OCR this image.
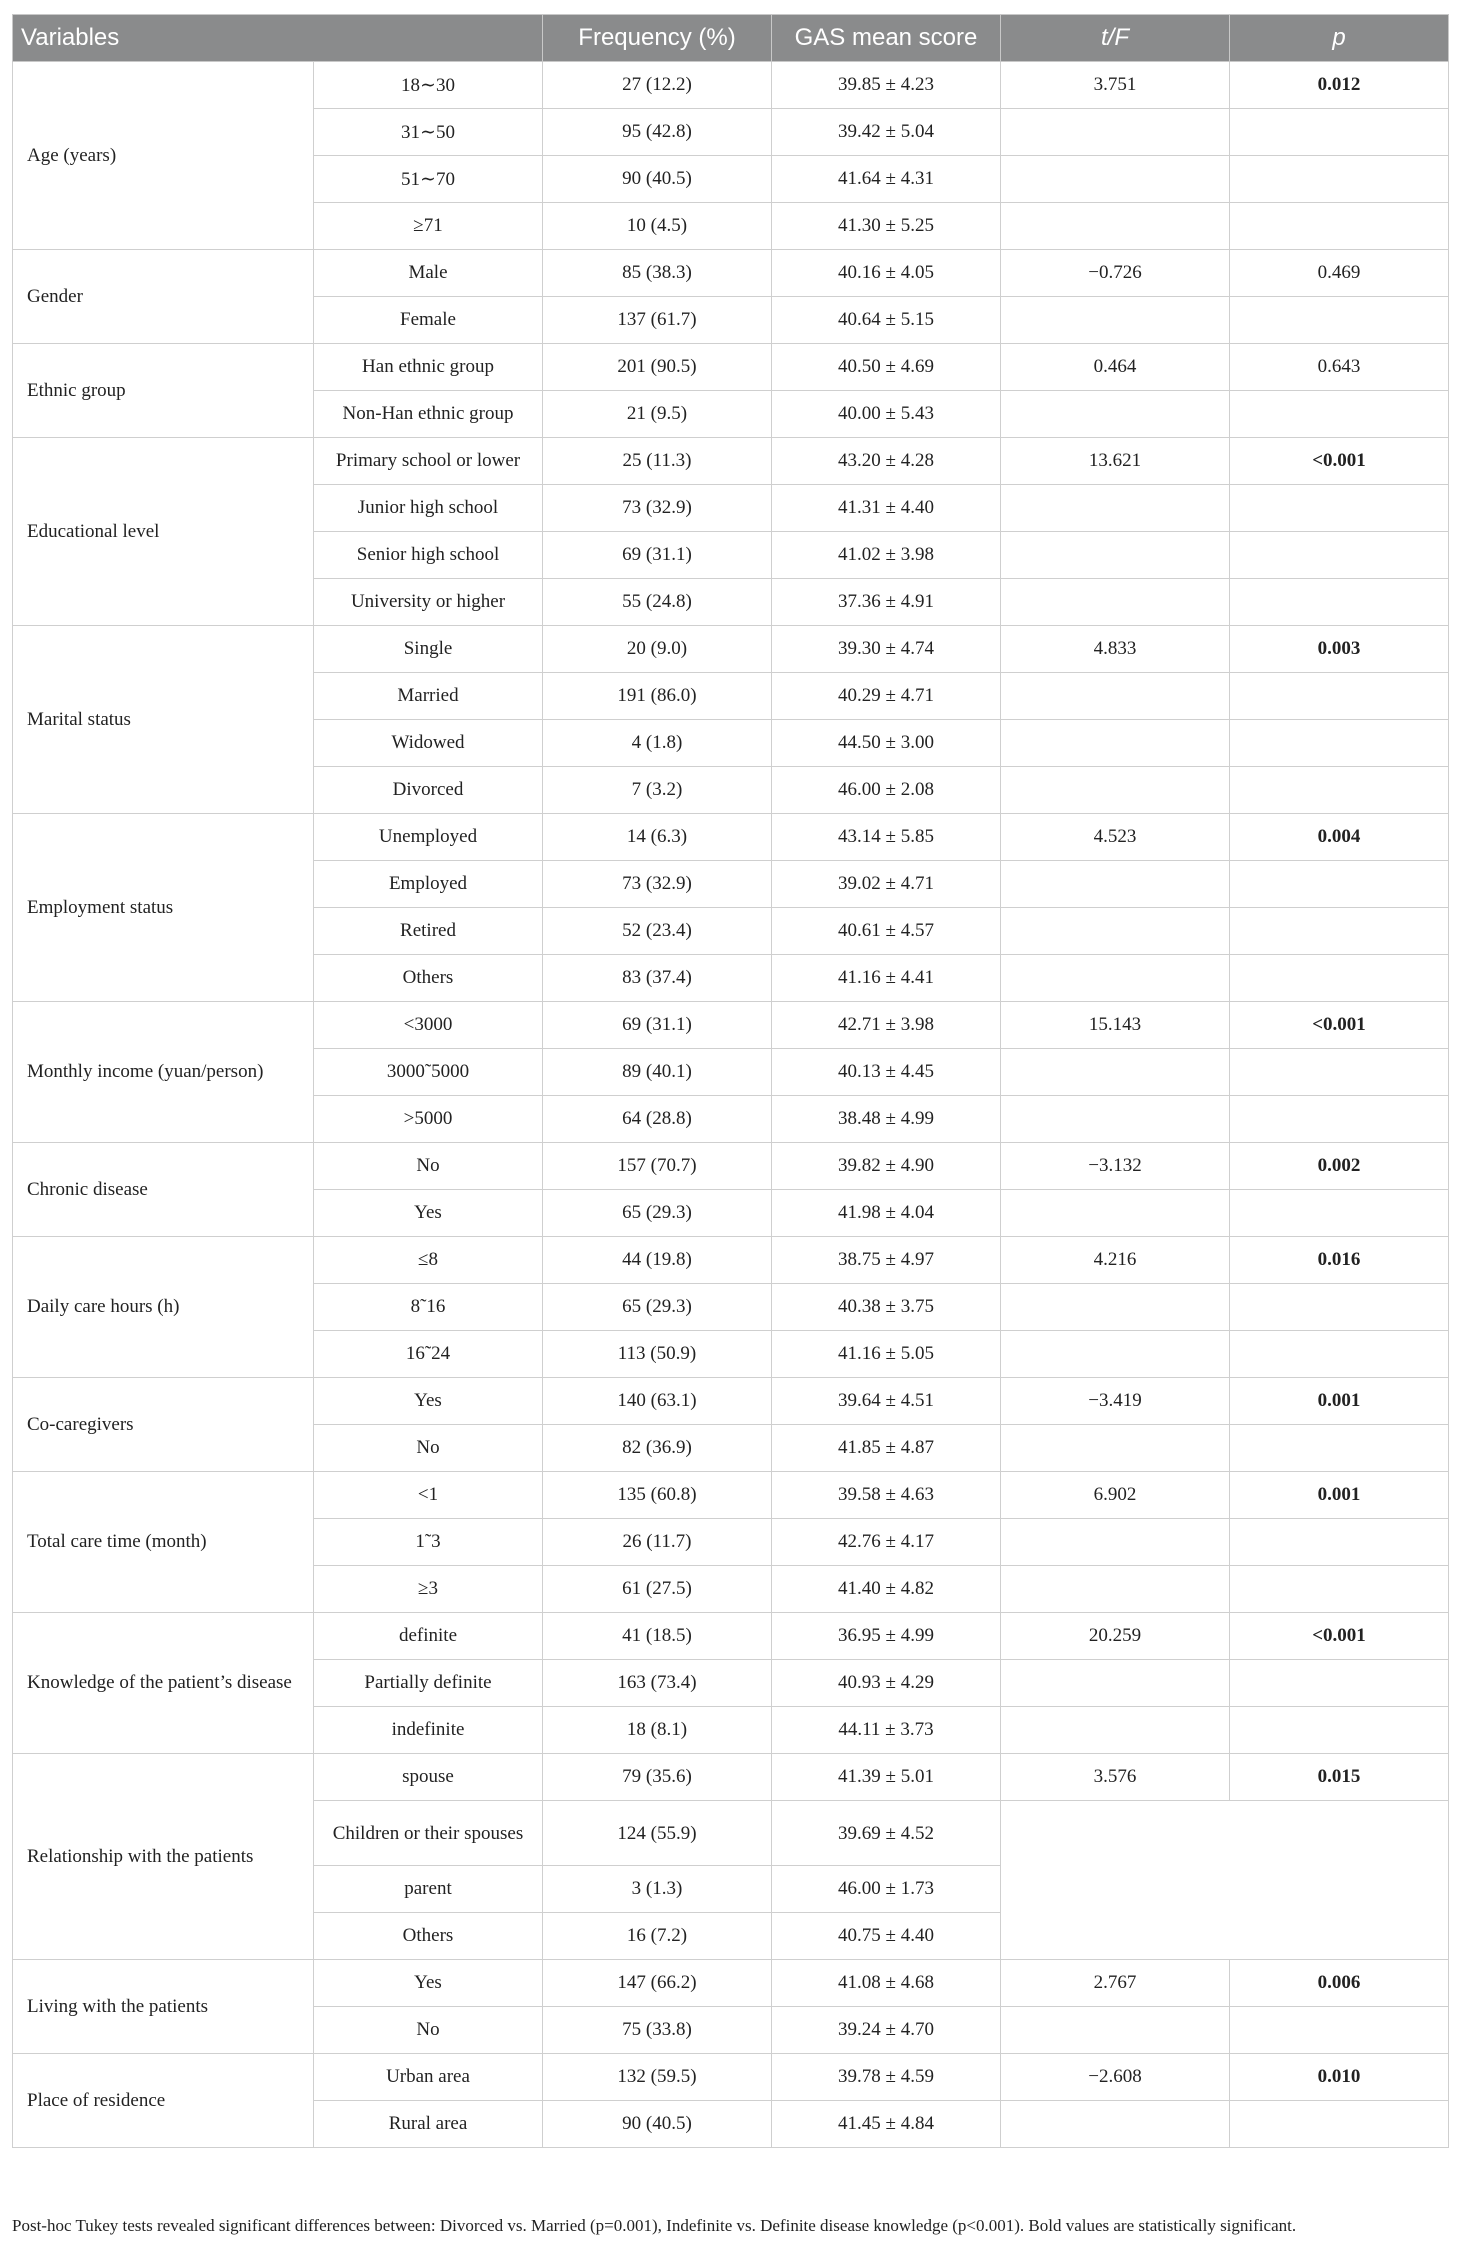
Variables		Frequency (%)	GAS mean score	t/F	p
Age (years)	18∼30	27 (12.2)	39.85 ± 4.23	3.751	0.012
	31∼50	95 (42.8)	39.42 ± 5.04		
	51∼70	90 (40.5)	41.64 ± 4.31		
	≥71	10 (4.5)	41.30 ± 5.25		
Gender	Male	85 (38.3)	40.16 ± 4.05	−0.726	0.469
	Female	137 (61.7)	40.64 ± 5.15		
Ethnic group	Han ethnic group	201 (90.5)	40.50 ± 4.69	0.464	0.643
	Non-Han ethnic group	21 (9.5)	40.00 ± 5.43		
Educational level	Primary school or lower	25 (11.3)	43.20 ± 4.28	13.621	<0.001
	Junior high school	73 (32.9)	41.31 ± 4.40		
	Senior high school	69 (31.1)	41.02 ± 3.98		
	University or higher	55 (24.8)	37.36 ± 4.91		
Marital status	Single	20 (9.0)	39.30 ± 4.74	4.833	0.003
	Married	191 (86.0)	40.29 ± 4.71		
	Widowed	4 (1.8)	44.50 ± 3.00		
	Divorced	7 (3.2)	46.00 ± 2.08		
Employment status	Unemployed	14 (6.3)	43.14 ± 5.85	4.523	0.004
	Employed	73 (32.9)	39.02 ± 4.71		
	Retired	52 (23.4)	40.61 ± 4.57		
	Others	83 (37.4)	41.16 ± 4.41		
Monthly income (yuan/person)	<3000	69 (31.1)	42.71 ± 3.98	15.143	<0.001
	3000˜5000	89 (40.1)	40.13 ± 4.45		
	>5000	64 (28.8)	38.48 ± 4.99		
Chronic disease	No	157 (70.7)	39.82 ± 4.90	−3.132	0.002
	Yes	65 (29.3)	41.98 ± 4.04		
Daily care hours (h)	≤8	44 (19.8)	38.75 ± 4.97	4.216	0.016
	8˜16	65 (29.3)	40.38 ± 3.75		
	16˜24	113 (50.9)	41.16 ± 5.05		
Co-caregivers	Yes	140 (63.1)	39.64 ± 4.51	−3.419	0.001
	No	82 (36.9)	41.85 ± 4.87		
Total care time (month)	<1	135 (60.8)	39.58 ± 4.63	6.902	0.001
	1˜3	26 (11.7)	42.76 ± 4.17		
	≥3	61 (27.5)	41.40 ± 4.82		
Knowledge of the patient’s disease	definite	41 (18.5)	36.95 ± 4.99	20.259	<0.001
	Partially definite	163 (73.4)	40.93 ± 4.29		
	indefinite	18 (8.1)	44.11 ± 3.73		
Relationship with the patients	spouse	79 (35.6)	41.39 ± 5.01	3.576	0.015
	Children or their spouses	124 (55.9)	39.69 ± 4.52		
	parent	3 (1.3)	46.00 ± 1.73		
	Others	16 (7.2)	40.75 ± 4.40		
Living with the patients	Yes	147 (66.2)	41.08 ± 4.68	2.767	0.006
	No	75 (33.8)	39.24 ± 4.70		
Place of residence	Urban area	132 (59.5)	39.78 ± 4.59	−2.608	0.010
	Rural area	90 (40.5)	41.45 ± 4.84		
Post-hoc Tukey tests revealed significant differences between: Divorced vs. Married (p=0.001), Indefinite vs. Definite disease knowledge (p<0.001). Bold values are statistically significant.
